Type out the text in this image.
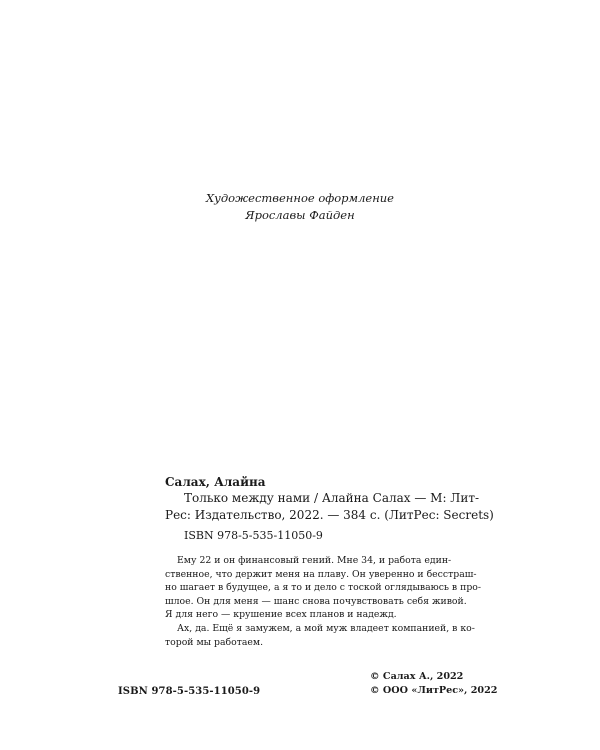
Художественное оформление
Ярославы Файден
Салах, Алайна
Только между нами / Алайна Салах — М: Лит-
Рес: Издательство, 2022. — 384 с. (ЛитРес: Secrets)
ISBN 978-5-535-11050-9
Ему 22 и он финансовый гений. Мне 34, и работа един-
ственное, что держит меня на плаву. Он уверенно и бесстраш-
но шагает в будущее, а я то и дело с тоской оглядываюсь в про-
шлое. Он для меня — шанс снова почувствовать себя живой.
Я для него — крушение всех планов и надежд.
Ах, да. Ещё я замужем, а мой муж владеет компанией, в ко-
торой мы работаем.
ISBN 978-5-535-11050-9
© Салах А., 2022
© ООО «ЛитРес», 2022
